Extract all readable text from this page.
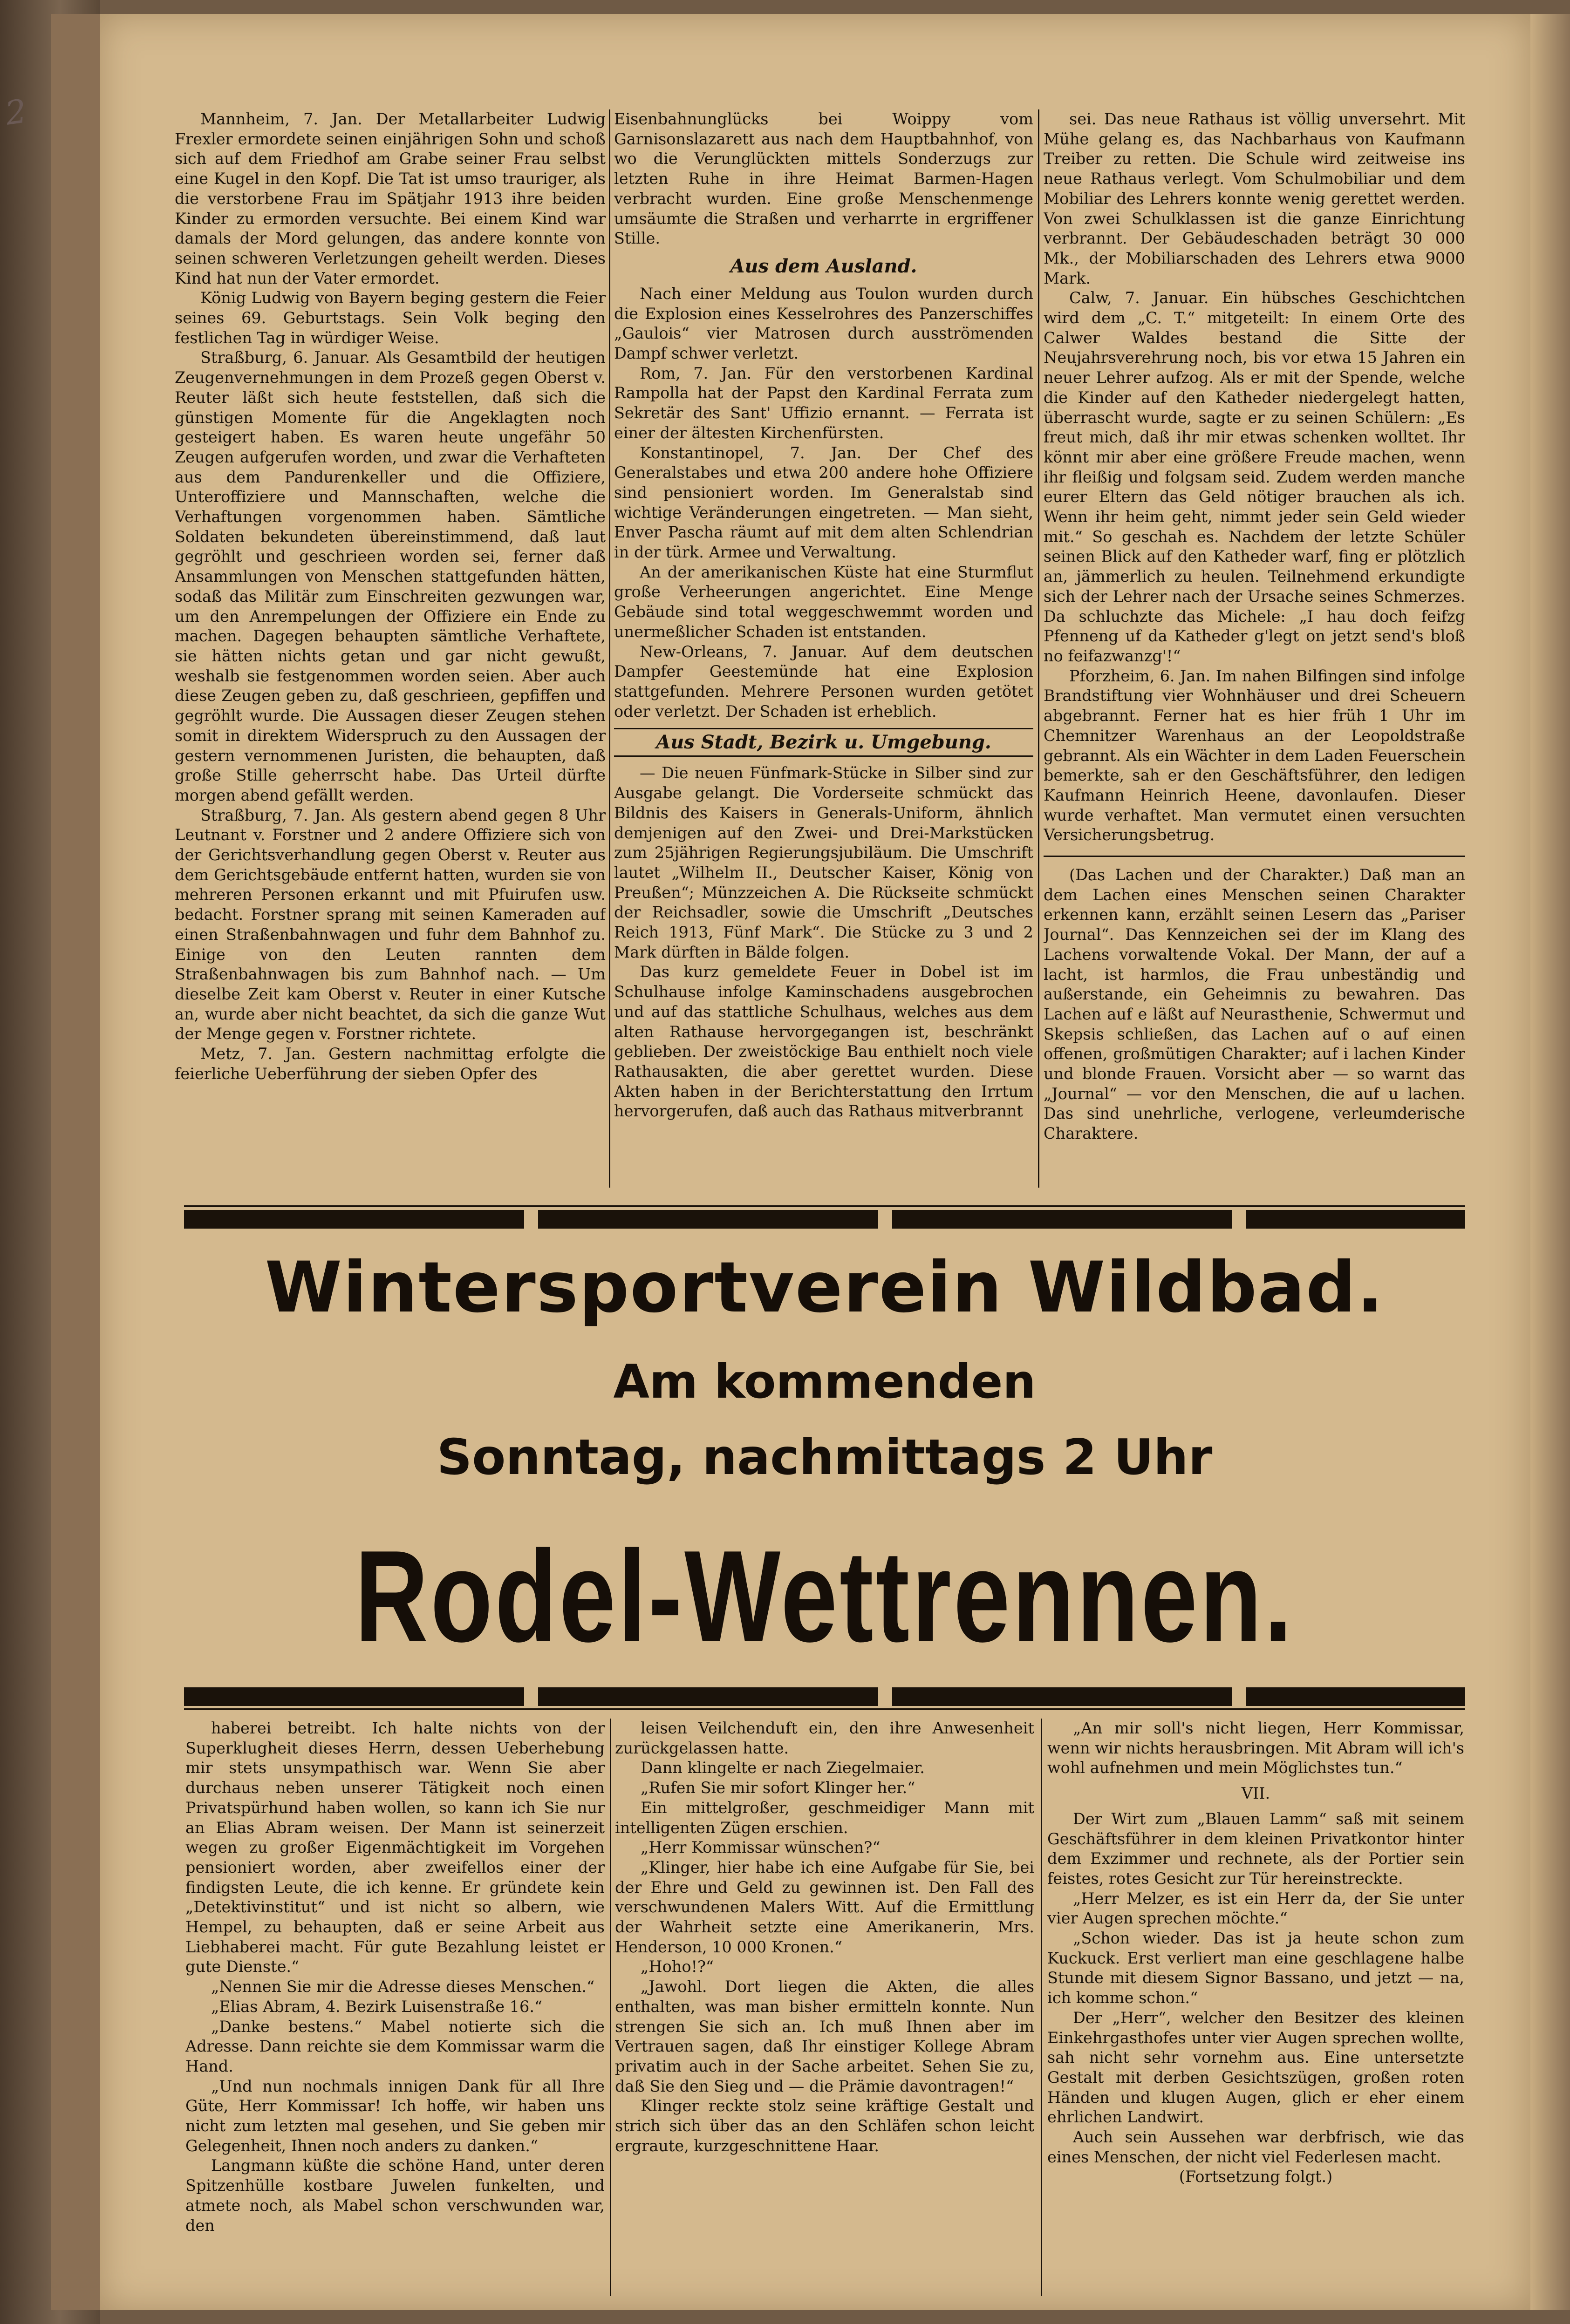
2	Mannheim, 7. Jan. Der Metallarbeiter Ludwig Frexler ermordete seinen einjährigen Sohn und schoß sich auf dem Friedhof am Grabe seiner Frau selbst eine Kugel in den Kopf. Die Tat ist umso trauriger, als die verstorbene Frau im Spätjahr 1913 ihre beiden Kinder zu ermorden versuchte. Bei einem Kind war damals der Mord gelungen, das andere konnte von seinen schweren Verletzungen geheilt werden. Dieses Kind hat nun der Vater ermordet.

König Ludwig von Bayern beging gestern die Feier seines 69. Geburtstags. Sein Volk beging den festlichen Tag in würdiger Weise.

Straßburg, 6. Januar. Als Gesamtbild der heutigen Zeugenvernehmungen in dem Prozeß gegen Oberst v. Reuter läßt sich heute feststellen, daß sich die günstigen Momente für die Angeklagten noch gesteigert haben. Es waren heute ungefähr 50 Zeugen aufgerufen worden, und zwar die Verhafteten aus dem Pandurenkeller und die Offiziere, Unteroffiziere und Mannschaften, welche die Verhaftungen vorgenommen haben. Sämtliche Soldaten bekundeten übereinstimmend, daß laut gegröhlt und geschrieen worden sei, ferner daß Ansammlungen von Menschen stattgefunden hätten, sodaß das Militär zum Einschreiten gezwungen war, um den Anrempelungen der Offiziere ein Ende zu machen. Dagegen behaupten sämtliche Verhaftete, sie hätten nichts getan und gar nicht gewußt, weshalb sie festgenommen worden seien. Aber auch diese Zeugen geben zu, daß geschrieen, gepfiffen und gegröhlt wurde. Die Aussagen dieser Zeugen stehen somit in direktem Widerspruch zu den Aussagen der gestern vernommenen Juristen, die behaupten, daß große Stille geherrscht habe. Das Urteil dürfte morgen abend gefällt werden.

Straßburg, 7. Jan. Als gestern abend gegen 8 Uhr Leutnant v. Forstner und 2 andere Offiziere sich von der Gerichtsverhandlung gegen Oberst v. Reuter aus dem Gerichtsgebäude entfernt hatten, wurden sie von mehreren Personen erkannt und mit Pfuirufen usw. bedacht. Forstner sprang mit seinen Kameraden auf einen Straßenbahnwagen und fuhr dem Bahnhof zu. Einige von den Leuten rannten dem Straßenbahnwagen bis zum Bahnhof nach. — Um dieselbe Zeit kam Oberst v. Reuter in einer Kutsche an, wurde aber nicht beachtet, da sich die ganze Wut der Menge gegen v. Forstner richtete.

Metz, 7. Jan. Gestern nachmittag erfolgte die feierliche Ueberführung der sieben Opfer des

Eisenbahnunglücks bei Woippy vom Garnisonslazarett aus nach dem Hauptbahnhof, von wo die Verunglückten mittels Sonderzugs zur letzten Ruhe in ihre Heimat Barmen-Hagen verbracht wurden. Eine große Menschenmenge umsäumte die Straßen und verharrte in ergriffener Stille.

Aus dem Ausland.

Nach einer Meldung aus Toulon wurden durch die Explosion eines Kesselrohres des Panzerschiffes „Gaulois“ vier Matrosen durch ausströmenden Dampf schwer verletzt.

Rom, 7. Jan. Für den verstorbenen Kardinal Rampolla hat der Papst den Kardinal Ferrata zum Sekretär des Sant' Uffizio ernannt. — Ferrata ist einer der ältesten Kirchenfürsten.

Konstantinopel, 7. Jan. Der Chef des Generalstabes und etwa 200 andere hohe Offiziere sind pensioniert worden. Im Generalstab sind wichtige Veränderungen eingetreten. — Man sieht, Enver Pascha räumt auf mit dem alten Schlendrian in der türk. Armee und Verwaltung.

An der amerikanischen Küste hat eine Sturmflut große Verheerungen angerichtet. Eine Menge Gebäude sind total weggeschwemmt worden und unermeßlicher Schaden ist entstanden.

New-Orleans, 7. Januar. Auf dem deutschen Dampfer Geestemünde hat eine Explosion stattgefunden. Mehrere Personen wurden getötet oder verletzt. Der Schaden ist erheblich.

Aus Stadt, Bezirk u. Umgebung.

— Die neuen Fünfmark-Stücke in Silber sind zur Ausgabe gelangt. Die Vorderseite schmückt das Bildnis des Kaisers in Generals-Uniform, ähnlich demjenigen auf den Zwei- und Drei-Markstücken zum 25jährigen Regierungsjubiläum. Die Umschrift lautet „Wilhelm II., Deutscher Kaiser, König von Preußen“; Münzzeichen A. Die Rückseite schmückt der Reichsadler, sowie die Umschrift „Deutsches Reich 1913, Fünf Mark“. Die Stücke zu 3 und 2 Mark dürften in Bälde folgen.

Das kurz gemeldete Feuer in Dobel ist im Schulhause infolge Kaminschadens ausgebrochen und auf das stattliche Schulhaus, welches aus dem alten Rathause hervorgegangen ist, beschränkt geblieben. Der zweistöckige Bau enthielt noch viele Rathausakten, die aber gerettet wurden. Diese Akten haben in der Berichterstattung den Irrtum hervorgerufen, daß auch das Rathaus mitverbrannt

sei. Das neue Rathaus ist völlig unversehrt. Mit Mühe gelang es, das Nachbarhaus von Kaufmann Treiber zu retten. Die Schule wird zeitweise ins neue Rathaus verlegt. Vom Schulmobiliar und dem Mobiliar des Lehrers konnte wenig gerettet werden. Von zwei Schulklassen ist die ganze Einrichtung verbrannt. Der Gebäudeschaden beträgt 30 000 Mk., der Mobiliarschaden des Lehrers etwa 9000 Mark.

Calw, 7. Januar. Ein hübsches Geschichtchen wird dem „C. T.“ mitgeteilt: In einem Orte des Calwer Waldes bestand die Sitte der Neujahrsverehrung noch, bis vor etwa 15 Jahren ein neuer Lehrer aufzog. Als er mit der Spende, welche die Kinder auf den Katheder niedergelegt hatten, überrascht wurde, sagte er zu seinen Schülern: „Es freut mich, daß ihr mir etwas schenken wolltet. Ihr könnt mir aber eine größere Freude machen, wenn ihr fleißig und folgsam seid. Zudem werden manche eurer Eltern das Geld nötiger brauchen als ich. Wenn ihr heim geht, nimmt jeder sein Geld wieder mit.“ So geschah es. Nachdem der letzte Schüler seinen Blick auf den Katheder warf, fing er plötzlich an, jämmerlich zu heulen. Teilnehmend erkundigte sich der Lehrer nach der Ursache seines Schmerzes. Da schluchzte das Michele: „I hau doch feifzg Pfenneng uf da Katheder g'legt on jetzt send's bloß no feifazwanzg'!“

Pforzheim, 6. Jan. Im nahen Bilfingen sind infolge Brandstiftung vier Wohnhäuser und drei Scheuern abgebrannt. Ferner hat es hier früh 1 Uhr im Chemnitzer Warenhaus an der Leopoldstraße gebrannt. Als ein Wächter in dem Laden Feuerschein bemerkte, sah er den Geschäftsführer, den ledigen Kaufmann Heinrich Heene, davonlaufen. Dieser wurde verhaftet. Man vermutet einen versuchten Versicherungsbetrug.

(Das Lachen und der Charakter.) Daß man an dem Lachen eines Menschen seinen Charakter erkennen kann, erzählt seinen Lesern das „Pariser Journal“. Das Kennzeichen sei der im Klang des Lachens vorwaltende Vokal. Der Mann, der auf a lacht, ist harmlos, die Frau unbeständig und außerstande, ein Geheimnis zu bewahren. Das Lachen auf e läßt auf Neurasthenie, Schwermut und Skepsis schließen, das Lachen auf o auf einen offenen, großmütigen Charakter; auf i lachen Kinder und blonde Frauen. Vorsicht aber — so warnt das „Journal“ — vor den Menschen, die auf u lachen. Das sind unehrliche, verlogene, verleumderische Charaktere.

Wintersportverein Wildbad.
Am kommenden
Sonntag, nachmittags 2 Uhr
Rodel-Wettrennen.

haberei betreibt. Ich halte nichts von der Superklugheit dieses Herrn, dessen Ueberhebung mir stets unsympathisch war. Wenn Sie aber durchaus neben unserer Tätigkeit noch einen Privatspürhund haben wollen, so kann ich Sie nur an Elias Abram weisen. Der Mann ist seinerzeit wegen zu großer Eigenmächtigkeit im Vorgehen pensioniert worden, aber zweifellos einer der findigsten Leute, die ich kenne. Er gründete kein „Detektivinstitut“ und ist nicht so albern, wie Hempel, zu behaupten, daß er seine Arbeit aus Liebhaberei macht. Für gute Bezahlung leistet er gute Dienste.“

„Nennen Sie mir die Adresse dieses Menschen.“

„Elias Abram, 4. Bezirk Luisenstraße 16.“

„Danke bestens.“ Mabel notierte sich die Adresse. Dann reichte sie dem Kommissar warm die Hand.

„Und nun nochmals innigen Dank für all Ihre Güte, Herr Kommissar! Ich hoffe, wir haben uns nicht zum letzten mal gesehen, und Sie geben mir Gelegenheit, Ihnen noch anders zu danken.“

Langmann küßte die schöne Hand, unter deren Spitzenhülle kostbare Juwelen funkelten, und atmete noch, als Mabel schon verschwunden war, den

leisen Veilchenduft ein, den ihre Anwesenheit zurückgelassen hatte.

Dann klingelte er nach Ziegelmaier.

„Rufen Sie mir sofort Klinger her.“

Ein mittelgroßer, geschmeidiger Mann mit intelligenten Zügen erschien.

„Herr Kommissar wünschen?“

„Klinger, hier habe ich eine Aufgabe für Sie, bei der Ehre und Geld zu gewinnen ist. Den Fall des verschwundenen Malers Witt. Auf die Ermittlung der Wahrheit setzte eine Amerikanerin, Mrs. Henderson, 10 000 Kronen.“

„Hoho!?“

„Jawohl. Dort liegen die Akten, die alles enthalten, was man bisher ermitteln konnte. Nun strengen Sie sich an. Ich muß Ihnen aber im Vertrauen sagen, daß Ihr einstiger Kollege Abram privatim auch in der Sache arbeitet. Sehen Sie zu, daß Sie den Sieg und — die Prämie davontragen!“

Klinger reckte stolz seine kräftige Gestalt und strich sich über das an den Schläfen schon leicht ergraute, kurzgeschnittene Haar.

„An mir soll's nicht liegen, Herr Kommissar, wenn wir nichts herausbringen. Mit Abram will ich's wohl aufnehmen und mein Möglichstes tun.“

VII.

Der Wirt zum „Blauen Lamm“ saß mit seinem Geschäftsführer in dem kleinen Privatkontor hinter dem Exzimmer und rechnete, als der Portier sein feistes, rotes Gesicht zur Tür hereinstreckte.

„Herr Melzer, es ist ein Herr da, der Sie unter vier Augen sprechen möchte.“

„Schon wieder. Das ist ja heute schon zum Kuckuck. Erst verliert man eine geschlagene halbe Stunde mit diesem Signor Bassano, und jetzt — na, ich komme schon.“

Der „Herr“, welcher den Besitzer des kleinen Einkehrgasthofes unter vier Augen sprechen wollte, sah nicht sehr vornehm aus. Eine untersetzte Gestalt mit derben Gesichtszügen, großen roten Händen und klugen Augen, glich er eher einem ehrlichen Landwirt.

Auch sein Aussehen war derbfrisch, wie das eines Menschen, der nicht viel Federlesen macht.

(Fortsetzung folgt.)
